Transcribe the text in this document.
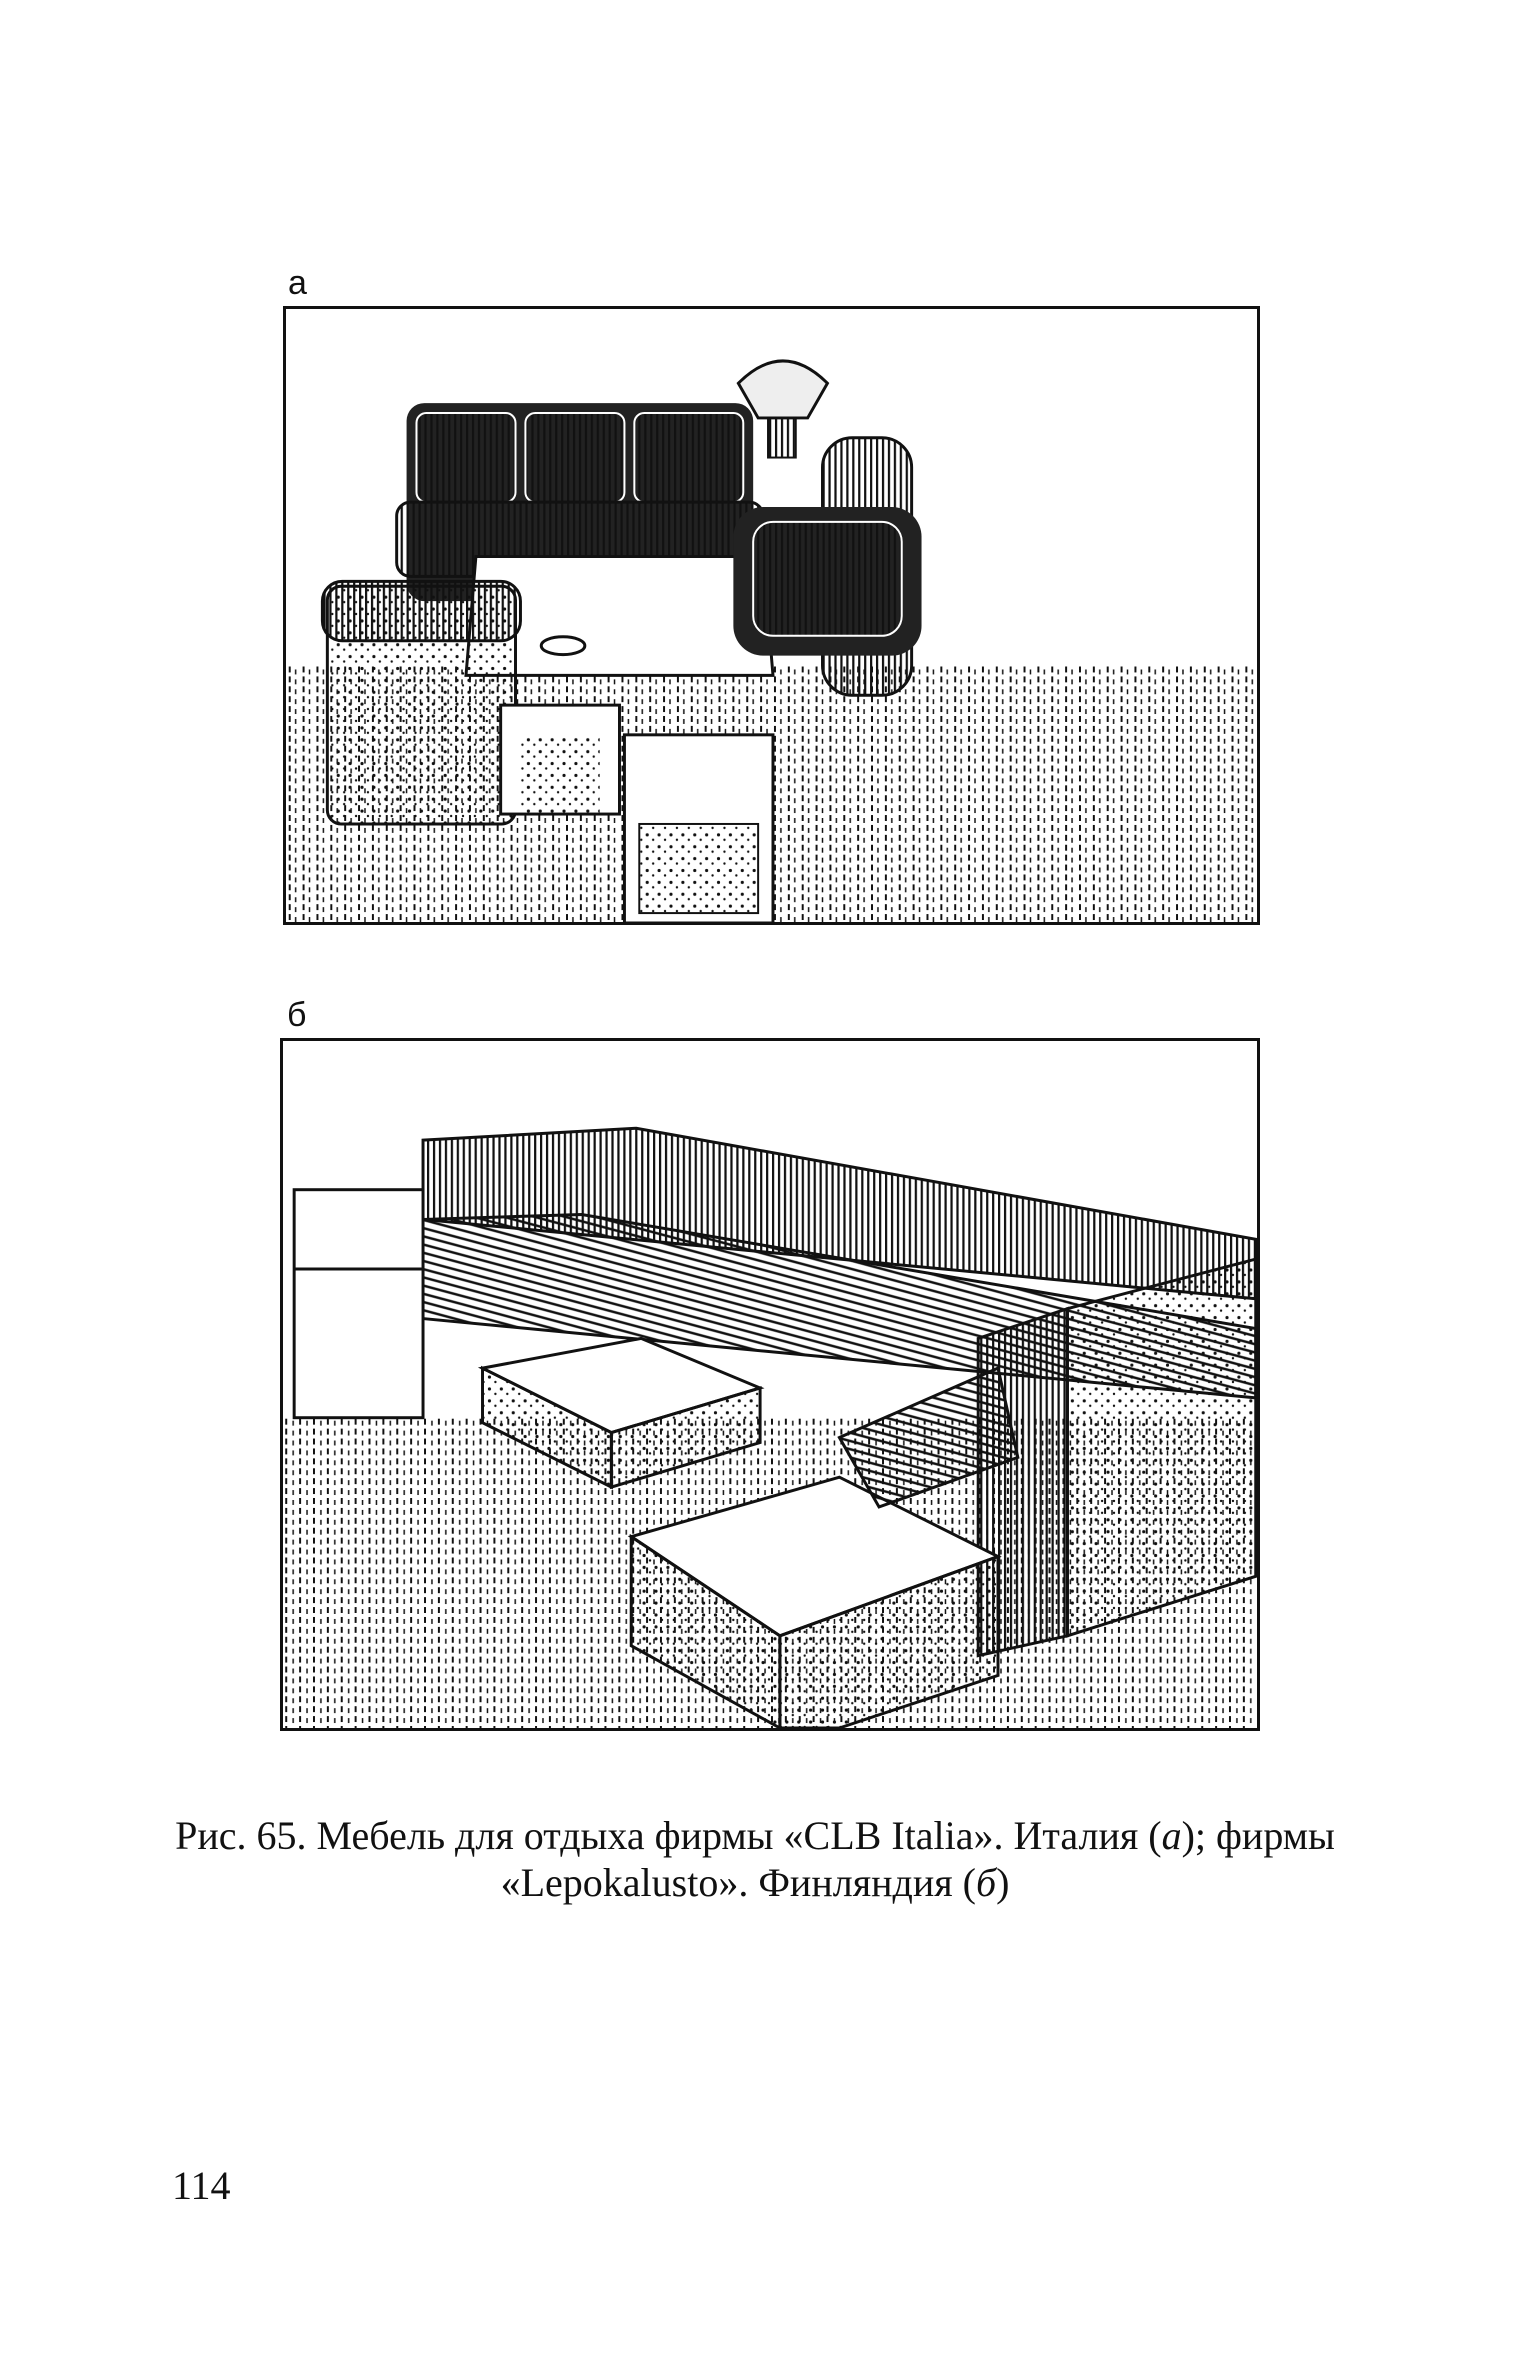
а
б
Рис. 65. Мебель для отдыха фирмы «CLB Italia». Италия (а); фирмы «Lepokalusto». Финляндия (б)
114
